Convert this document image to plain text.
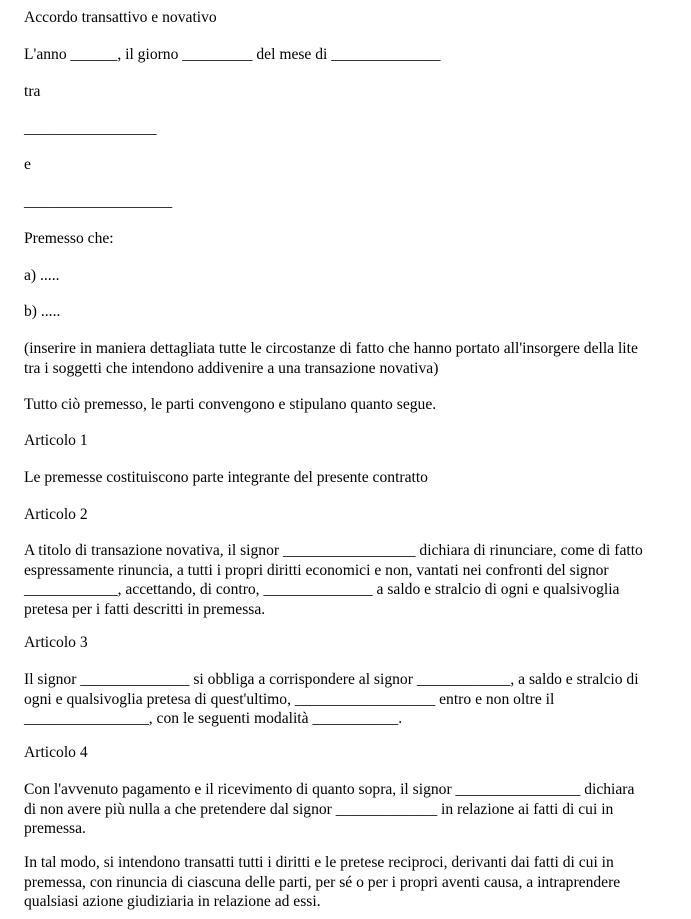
Accordo transattivo e novativo

L'anno ______, il giorno _________ del mese di ______________

tra

_________________

e

___________________

Premesso che:

a) .....

b) .....

(inserire in maniera dettagliata tutte le circostanze di fatto che hanno portato all'insorgere della lite
tra i soggetti che intendono addivenire a una transazione novativa)

Tutto ciò premesso, le parti convengono e stipulano quanto segue.

Articolo 1

Le premesse costituiscono parte integrante del presente contratto

Articolo 2

A titolo di transazione novativa, il signor _________________ dichiara di rinunciare, come di fatto
espressamente rinuncia, a tutti i propri diritti economici e non, vantati nei confronti del signor
____________, accettando, di contro, ______________ a saldo e stralcio di ogni e qualsivoglia
pretesa per i fatti descritti in premessa.

Articolo 3

Il signor ______________ si obbliga a corrispondere al signor ____________, a saldo e stralcio di
ogni e qualsivoglia pretesa di quest'ultimo, __________________ entro e non oltre il
________________, con le seguenti modalità ___________.

Articolo 4

Con l'avvenuto pagamento e il ricevimento di quanto sopra, il signor ________________ dichiara
di non avere più nulla a che pretendere dal signor _____________ in relazione ai fatti di cui in
premessa.

In tal modo, si intendono transatti tutti i diritti e le pretese reciproci, derivanti dai fatti di cui in
premessa, con rinuncia di ciascuna delle parti, per sé o per i propri aventi causa, a intraprendere
qualsiasi azione giudiziaria in relazione ad essi.
